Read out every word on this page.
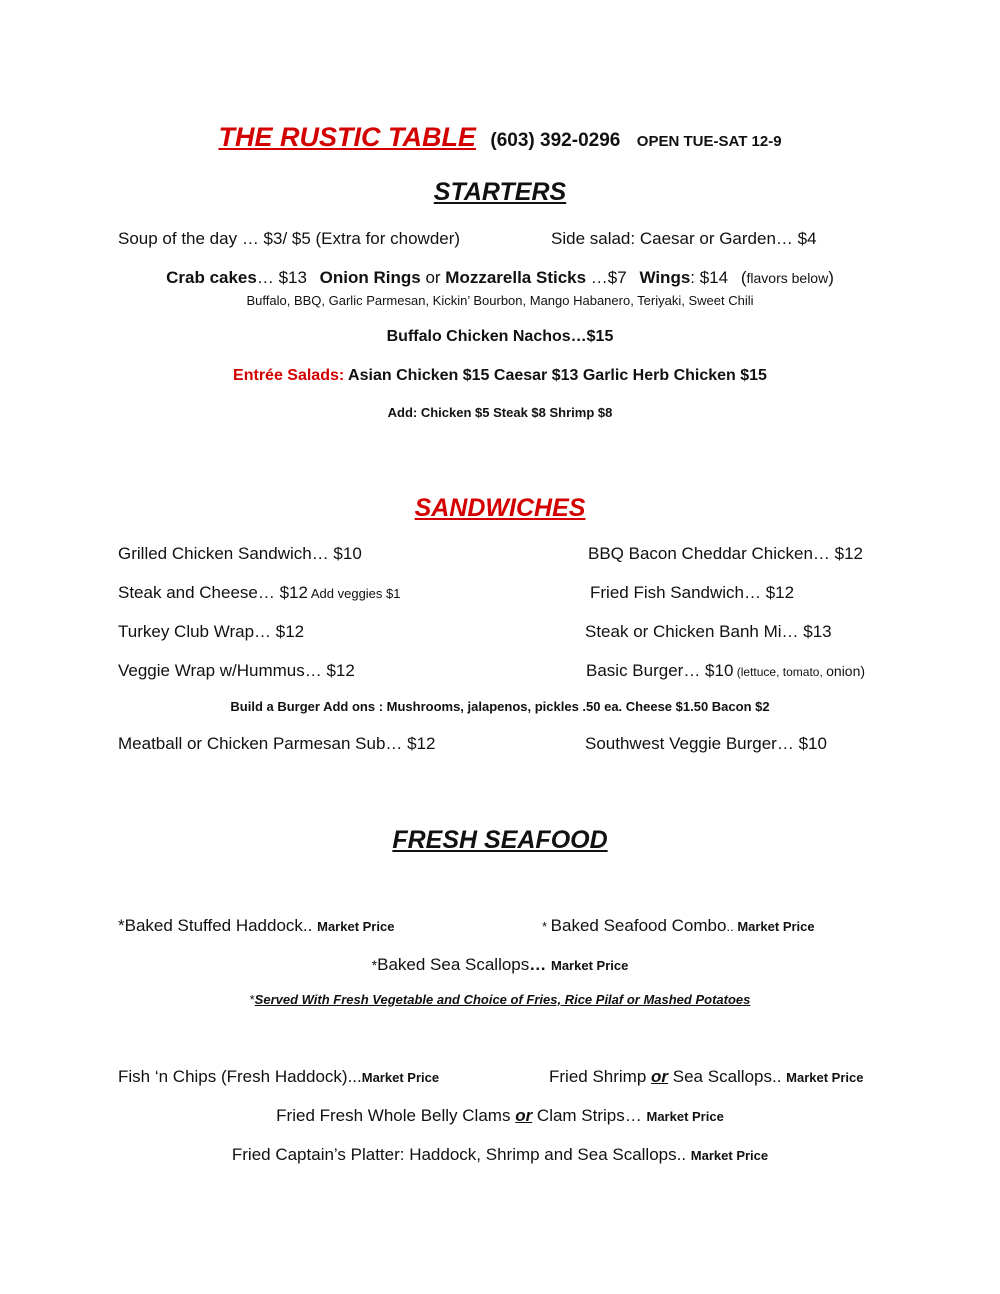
THE RUSTIC TABLE (603) 392-0296 OPEN TUE-SAT 12-9
STARTERS
Soup of the day … $3/ $5 (Extra for chowder)	Side salad: Caesar or Garden… $4
Crab cakes… $13 Onion Rings or Mozzarella Sticks …$7 Wings: $14 (flavors below)
Buffalo, BBQ, Garlic Parmesan, Kickin’ Bourbon, Mango Habanero, Teriyaki, Sweet Chili
Buffalo Chicken Nachos…$15
Entrée Salads: Asian Chicken $15 Caesar $13 Garlic Herb Chicken $15
Add: Chicken $5 Steak $8 Shrimp $8
SANDWICHES
Grilled Chicken Sandwich… $10	BBQ Bacon Cheddar Chicken… $12
Steak and Cheese… $12 Add veggies $1	Fried Fish Sandwich… $12
Turkey Club Wrap… $12	Steak or Chicken Banh Mi… $13
Veggie Wrap w/Hummus… $12	Basic Burger… $10 (lettuce, tomato, onion)
Build a Burger Add ons : Mushrooms, jalapenos, pickles .50 ea. Cheese $1.50 Bacon $2
Meatball or Chicken Parmesan Sub… $12	Southwest Veggie Burger… $10
FRESH SEAFOOD
*Baked Stuffed Haddock.. Market Price	* Baked Seafood Combo.. Market Price
*Baked Sea Scallops… Market Price
*Served With Fresh Vegetable and Choice of Fries, Rice Pilaf or Mashed Potatoes
Fish ‘n Chips (Fresh Haddock)...Market Price	Fried Shrimp or Sea Scallops.. Market Price
Fried Fresh Whole Belly Clams or Clam Strips… Market Price
Fried Captain’s Platter: Haddock, Shrimp and Sea Scallops.. Market Price
